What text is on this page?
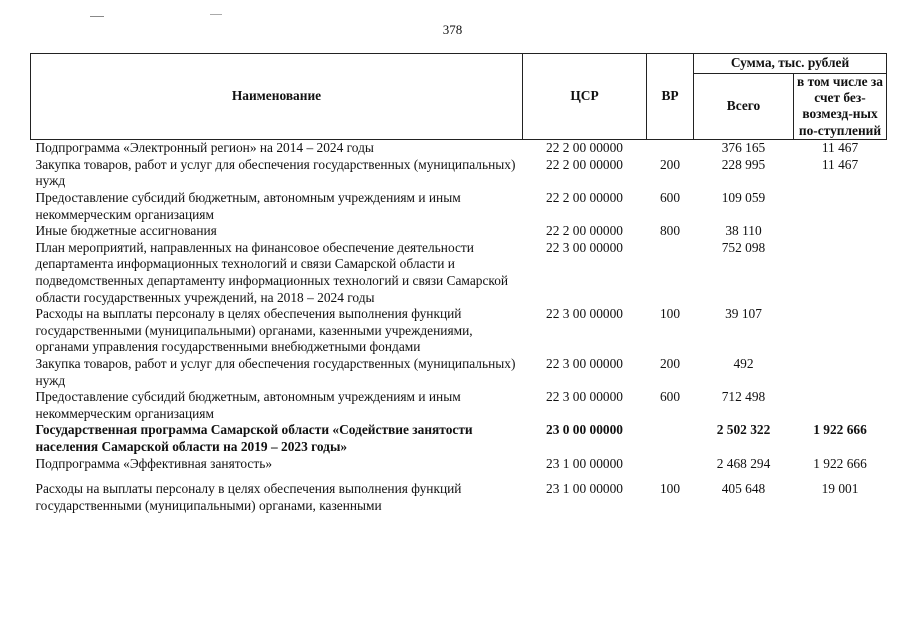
378
Наименование	ЦСР	ВР	Сумма, тыс. рублей	
			Всего	в том числе за счет без-возмезд-ных по-ступлений
Подпрограмма «Электронный регион» на 2014 – 2024 годы	22 2 00 00000		376 165	11 467
Закупка товаров, работ и услуг для обеспечения государственных (муниципальных) нужд	22 2 00 00000	200	228 995	11 467
Предоставление субсидий бюджетным, автономным учреждениям и иным некоммерческим организациям	22 2 00 00000	600	109 059	
Иные бюджетные ассигнования	22 2 00 00000	800	38 110	
План мероприятий, направленных на финансовое обеспечение деятельности департамента информационных технологий и связи Самарской области и подведомственных департаменту информационных технологий и связи Самарской области государственных учреждений, на 2018 – 2024 годы	22 3 00 00000		752 098	
Расходы на выплаты персоналу в целях обеспечения выполнения функций государственными (муниципальными) органами, казенными учреждениями, органами управления государственными внебюджетными фондами	22 3 00 00000	100	39 107	
Закупка товаров, работ и услуг для обеспечения государственных (муниципальных) нужд	22 3 00 00000	200	492	
Предоставление субсидий бюджетным, автономным учреждениям и иным некоммерческим организациям	22 3 00 00000	600	712 498	
Государственная программа Самарской области «Содействие занятости населения Самарской области на 2019 – 2023 годы»	23 0 00 00000		2 502 322	1 922 666
Подпрограмма «Эффективная занятость»	23 1 00 00000		2 468 294	1 922 666
Расходы на выплаты персоналу в целях обеспечения выполнения функций государственными (муниципальными) органами, казенными	23 1 00 00000	100	405 648	19 001
